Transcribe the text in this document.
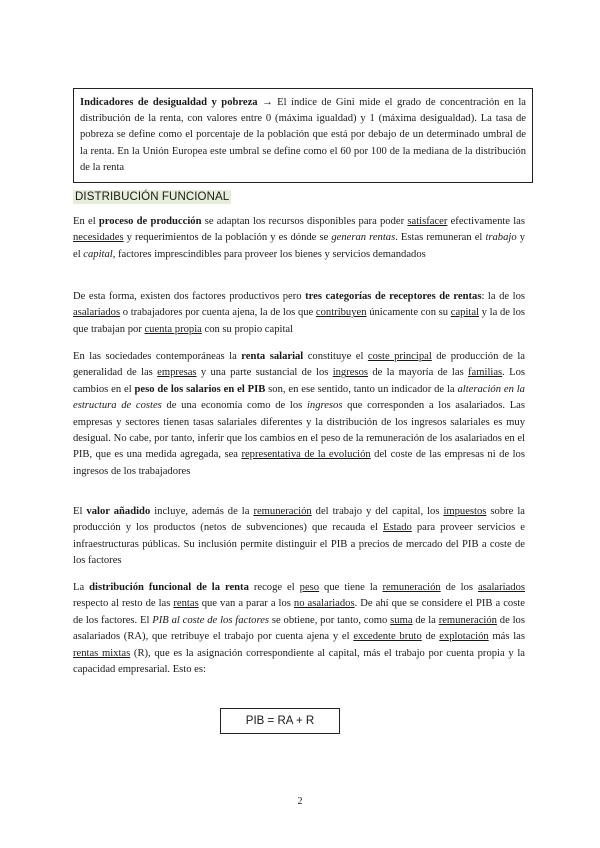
Indicadores de desigualdad y pobreza → El índice de Gini mide el grado de concentración en la distribución de la renta, con valores entre 0 (máxima igualdad) y 1 (máxima desigualdad). La tasa de pobreza se define como el porcentaje de la población que está por debajo de un determinado umbral de la renta. En la Unión Europea este umbral se define como el 60 por 100 de la mediana de la distribución de la renta
DISTRIBUCIÓN FUNCIONAL
En el proceso de producción se adaptan los recursos disponibles para poder satisfacer efectivamente las necesidades y requerimientos de la población y es dónde se generan rentas. Estas remuneran el trabajo y el capital, factores imprescindibles para proveer los bienes y servicios demandados
De esta forma, existen dos factores productivos pero tres categorías de receptores de rentas: la de los asalariados o trabajadores por cuenta ajena, la de los que contribuyen únicamente con su capital y la de los que trabajan por cuenta propia con su propio capital
En las sociedades contemporáneas la renta salarial constituye el coste principal de producción de la generalidad de las empresas y una parte sustancial de los ingresos de la mayoría de las familias. Los cambios en el peso de los salarios en el PIB son, en ese sentido, tanto un indicador de la alteración en la estructura de costes de una economía como de los ingresos que corresponden a los asalariados. Las empresas y sectores tienen tasas salariales diferentes y la distribución de los ingresos salariales es muy desigual. No cabe, por tanto, inferir que los cambios en el peso de la remuneración de los asalariados en el PIB, que es una medida agregada, sea representativa de la evolución del coste de las empresas ni de los ingresos de los trabajadores
El valor añadido incluye, además de la remuneración del trabajo y del capital, los impuestos sobre la producción y los productos (netos de subvenciones) que recauda el Estado para proveer servicios e infraestructuras públicas. Su inclusión permite distinguir el PIB a precios de mercado del PIB a coste de los factores
La distribución funcional de la renta recoge el peso que tiene la remuneración de los asalariados respecto al resto de las rentas que van a parar a los no asalariados. De ahí que se considere el PIB a coste de los factores. El PIB al coste de los factores se obtiene, por tanto, como suma de la remuneración de los asalariados (RA), que retribuye el trabajo por cuenta ajena y el excedente bruto de explotación más las rentas mixtas (R), que es la asignación correspondiente al capital, más el trabajo por cuenta propia y la capacidad empresarial. Esto es:
PIB = RA + R
2
